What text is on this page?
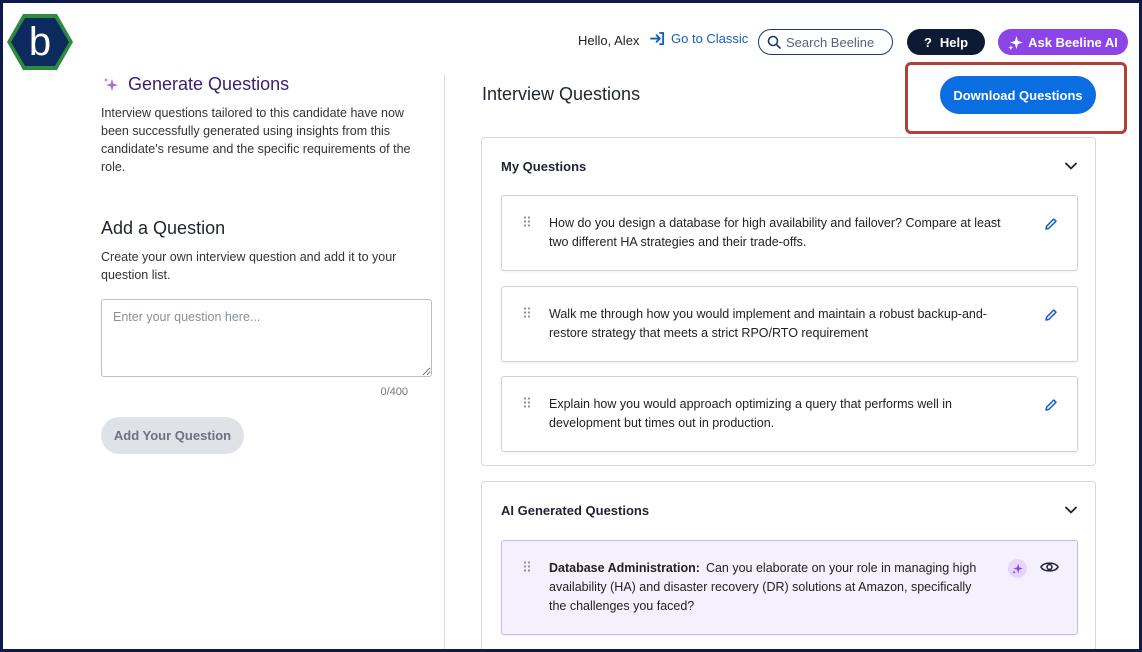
b	Hello, Alex Go to Classic
Search Beeline	? Help	Ask Beeline AI
Generate Questions

Interview questions tailored to this candidate have now been successfully generated using insights from this candidate's resume and the specific requirements of the role.

Add a Question

Create your own interview question and add it to your question list.

Enter your question here...
0/400
Add Your Question
Interview Questions	Download Questions
My Questions

How do you design a database for high availability and failover? Compare at least two different HA strategies and their trade-offs.

Walk me through how you would implement and maintain a robust backup-and-restore strategy that meets a strict RPO/RTO requirement

Explain how you would approach optimizing a query that performs well in development but times out in production.

AI Generated Questions

Database Administration: Can you elaborate on your role in managing high availability (HA) and disaster recovery (DR) solutions at Amazon, specifically the challenges you faced?
